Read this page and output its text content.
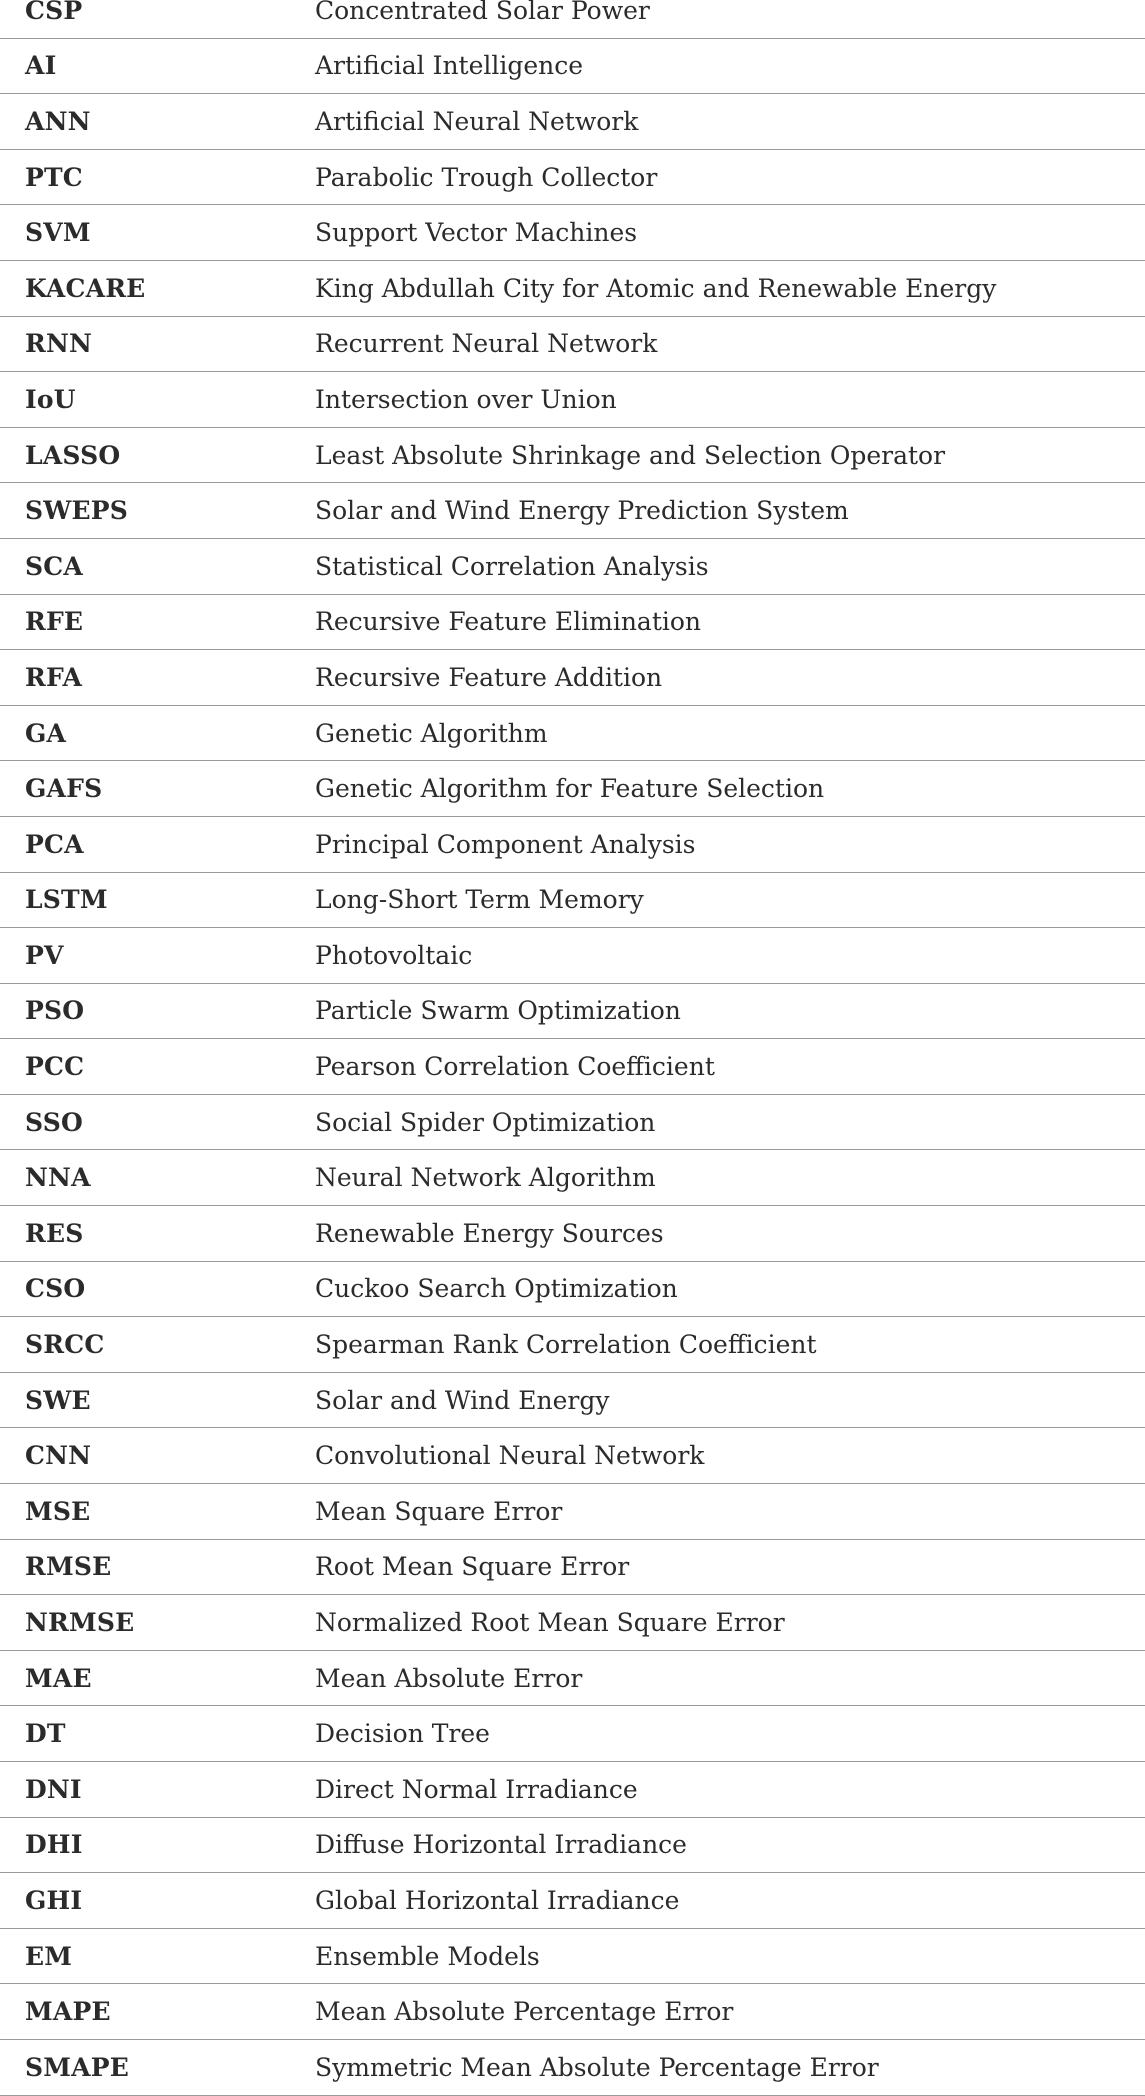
CSP	Concentrated Solar Power
AI	Artificial Intelligence
ANN	Artificial Neural Network
PTC	Parabolic Trough Collector
SVM	Support Vector Machines
KACARE	King Abdullah City for Atomic and Renewable Energy
RNN	Recurrent Neural Network
IoU	Intersection over Union
LASSO	Least Absolute Shrinkage and Selection Operator
SWEPS	Solar and Wind Energy Prediction System
SCA	Statistical Correlation Analysis
RFE	Recursive Feature Elimination
RFA	Recursive Feature Addition
GA	Genetic Algorithm
GAFS	Genetic Algorithm for Feature Selection
PCA	Principal Component Analysis
LSTM	Long-Short Term Memory
PV	Photovoltaic
PSO	Particle Swarm Optimization
PCC	Pearson Correlation Coefficient
SSO	Social Spider Optimization
NNA	Neural Network Algorithm
RES	Renewable Energy Sources
CSO	Cuckoo Search Optimization
SRCC	Spearman Rank Correlation Coefficient
SWE	Solar and Wind Energy
CNN	Convolutional Neural Network
MSE	Mean Square Error
RMSE	Root Mean Square Error
NRMSE	Normalized Root Mean Square Error
MAE	Mean Absolute Error
DT	Decision Tree
DNI	Direct Normal Irradiance
DHI	Diffuse Horizontal Irradiance
GHI	Global Horizontal Irradiance
EM	Ensemble Models
MAPE	Mean Absolute Percentage Error
SMAPE	Symmetric Mean Absolute Percentage Error
